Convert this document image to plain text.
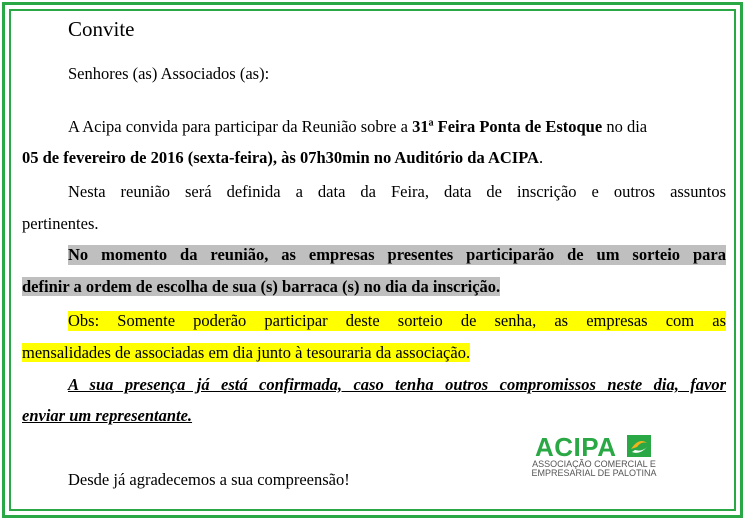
Convite
Senhores (as) Associados (as):
A Acipa convida para participar da Reunião sobre a 31ª Feira Ponta de Estoque no dia
05 de fevereiro de 2016 (sexta-feira), às 07h30min no Auditório da ACIPA.
Nesta reunião será definida a data da Feira, data de inscrição e outros assuntos
pertinentes.
No momento da reunião, as empresas presentes participarão de um sorteio para
definir a ordem de escolha de sua (s) barraca (s) no dia da inscrição.
Obs: Somente poderão participar deste sorteio de senha, as empresas com as
mensalidades de associadas em dia junto à tesouraria da associação.
A sua presença já está confirmada, caso tenha outros compromissos neste dia, favor
enviar um representante.
Desde já agradecemos a sua compreensão!
ACIPA
ASSOCIAÇÃO COMERCIAL E
EMPRESARIAL DE PALOTINA
